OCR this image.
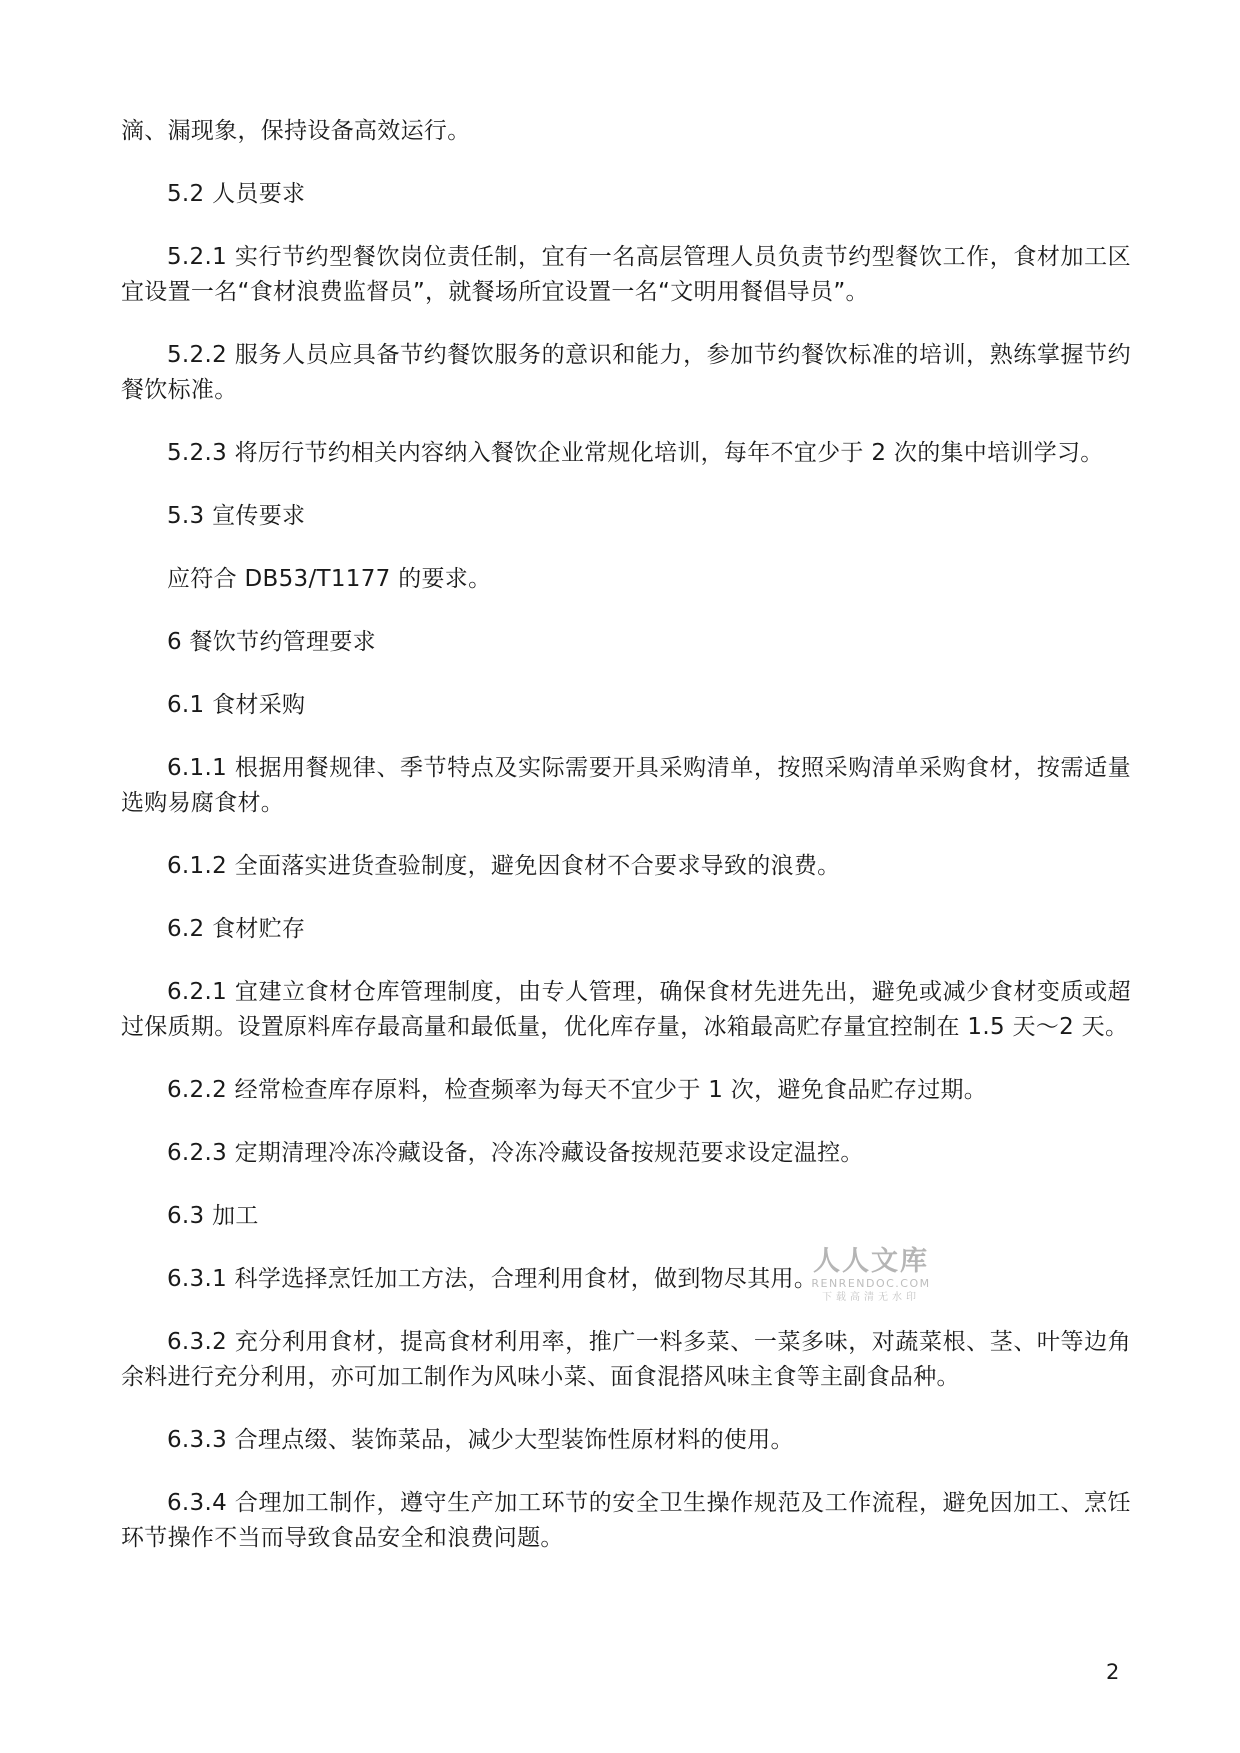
滴、漏现象，保持设备高效运行。

5.2 人员要求

5.2.1 实行节约型餐饮岗位责任制，宜有一名高层管理人员负责节约型餐饮工作，食材加工区宜设置一名“食材浪费监督员”，就餐场所宜设置一名“文明用餐倡导员”。

5.2.2 服务人员应具备节约餐饮服务的意识和能力，参加节约餐饮标准的培训，熟练掌握节约餐饮标准。

5.2.3 将厉行节约相关内容纳入餐饮企业常规化培训，每年不宜少于 2 次的集中培训学习。

5.3 宣传要求

应符合 DB53/T1177 的要求。

6 餐饮节约管理要求

6.1 食材采购

6.1.1 根据用餐规律、季节特点及实际需要开具采购清单，按照采购清单采购食材，按需适量选购易腐食材。

6.1.2 全面落实进货查验制度，避免因食材不合要求导致的浪费。

6.2 食材贮存

6.2.1 宜建立食材仓库管理制度，由专人管理，确保食材先进先出，避免或减少食材变质或超过保质期。设置原料库存最高量和最低量，优化库存量，冰箱最高贮存量宜控制在 1.5 天～2 天。

6.2.2 经常检查库存原料，检查频率为每天不宜少于 1 次，避免食品贮存过期。

6.2.3 定期清理冷冻冷藏设备，冷冻冷藏设备按规范要求设定温控。

6.3 加工

6.3.1 科学选择烹饪加工方法，合理利用食材，做到物尽其用。

6.3.2 充分利用食材，提高食材利用率，推广一料多菜、一菜多味，对蔬菜根、茎、叶等边角余料进行充分利用，亦可加工制作为风味小菜、面食混搭风味主食等主副食品种。

6.3.3 合理点缀、装饰菜品，减少大型装饰性原材料的使用。

6.3.4 合理加工制作，遵守生产加工环节的安全卫生操作规范及工作流程，避免因加工、烹饪环节操作不当而导致食品安全和浪费问题。

人人文库
RENRENDOC.COM
下载高清无水印
2
